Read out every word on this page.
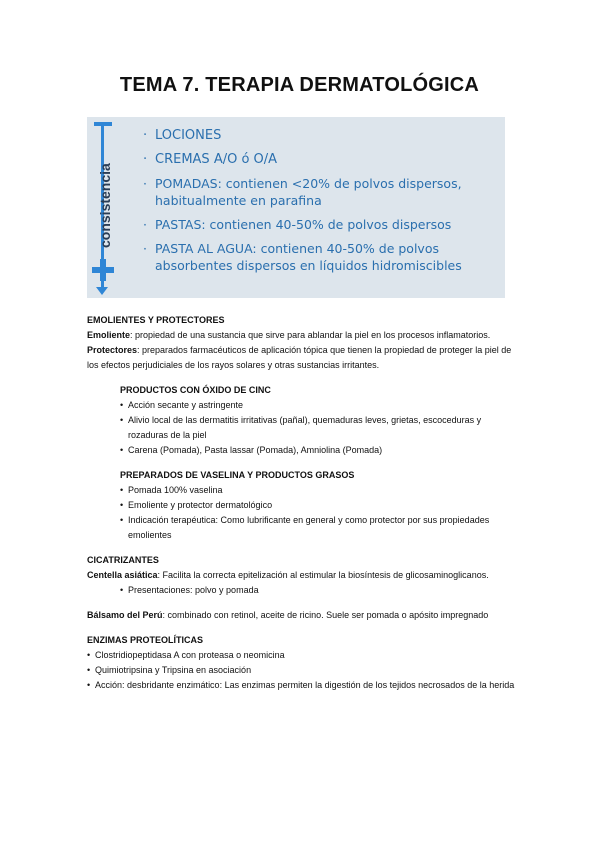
TEMA 7. TERAPIA DERMATOLÓGICA
consistencia
· LOCIONES
· CREMAS A/O ó O/A
· POMADAS: contienen <20% de polvos dispersos, habitualmente en parafina
· PASTAS: contienen 40-50% de polvos dispersos
· PASTA AL AGUA: contienen 40-50% de polvos absorbentes dispersos en líquidos hidromiscibles

EMOLIENTES Y PROTECTORES

Emoliente: propiedad de una sustancia que sirve para ablandar la piel en los procesos inflamatorios.

Protectores: preparados farmacéuticos de aplicación tópica que tienen la propiedad de proteger la piel de los efectos perjudiciales de los rayos solares y otras sustancias irritantes.

PRODUCTOS CON ÓXIDO DE CINC

• Acción secante y astringente

• Alivio local de las dermatitis irritativas (pañal), quemaduras leves, grietas, escoceduras y rozaduras de la piel

• Carena (Pomada), Pasta lassar (Pomada), Amniolina (Pomada)

PREPARADOS DE VASELINA Y PRODUCTOS GRASOS

• Pomada 100% vaselina

• Emoliente y protector dermatológico

• Indicación terapéutica: Como lubrificante en general y como protector por sus propiedades emolientes

CICATRIZANTES

Centella asiática: Facilita la correcta epitelización al estimular la biosíntesis de glicosaminoglicanos.

• Presentaciones: polvo y pomada

Bálsamo del Perú: combinado con retinol, aceite de ricino. Suele ser pomada o apósito impregnado

ENZIMAS PROTEOLÍTICAS

• Clostridiopeptidasa A con proteasa o neomicina

• Quimiotripsina y Tripsina en asociación

• Acción: desbridante enzimático: Las enzimas permiten la digestión de los tejidos necrosados de la herida
